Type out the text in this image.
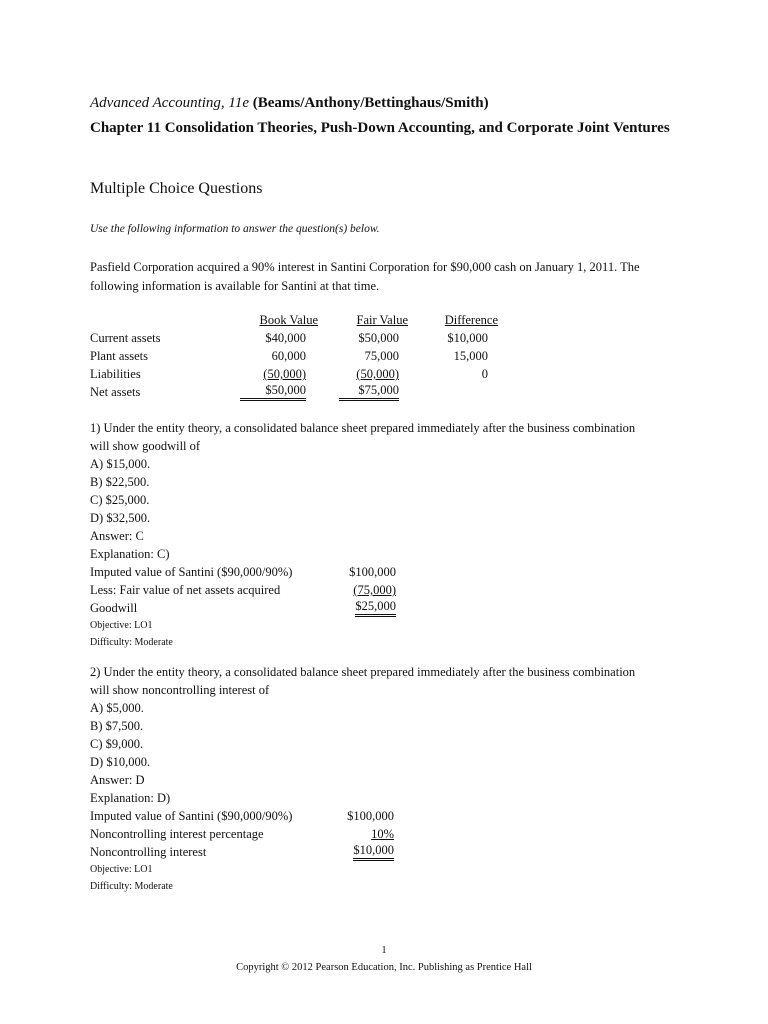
Advanced Accounting, 11e (Beams/Anthony/Bettinghaus/Smith)
Chapter 11 Consolidation Theories, Push-Down Accounting, and Corporate Joint Ventures
Multiple Choice Questions
Use the following information to answer the question(s) below.
Pasfield Corporation acquired a 90% interest in Santini Corporation for $90,000 cash on January 1, 2011. The following information is available for Santini at that time.
Book Value	Fair Value	Difference
Current assets	$40,000	$50,000	$10,000
Plant assets	60,000	75,000	15,000
Liabilities	(50,000)	(50,000)	0
Net assets	$50,000	$75,000
1) Under the entity theory, a consolidated balance sheet prepared immediately after the business combination will show goodwill of
A) $15,000.
B) $22,500.
C) $25,000.
D) $32,500.
Answer: C
Explanation: C)
Imputed value of Santini ($90,000/90%)	$100,000
Less: Fair value of net assets acquired	(75,000)
Goodwill	$25,000
Objective: LO1
Difficulty: Moderate
2) Under the entity theory, a consolidated balance sheet prepared immediately after the business combination will show noncontrolling interest of
A) $5,000.
B) $7,500.
C) $9,000.
D) $10,000.
Answer: D
Explanation: D)
Imputed value of Santini ($90,000/90%)	$100,000
Noncontrolling interest percentage	10%
Noncontrolling interest	$10,000
Objective: LO1
Difficulty: Moderate
1
Copyright © 2012 Pearson Education, Inc. Publishing as Prentice Hall
